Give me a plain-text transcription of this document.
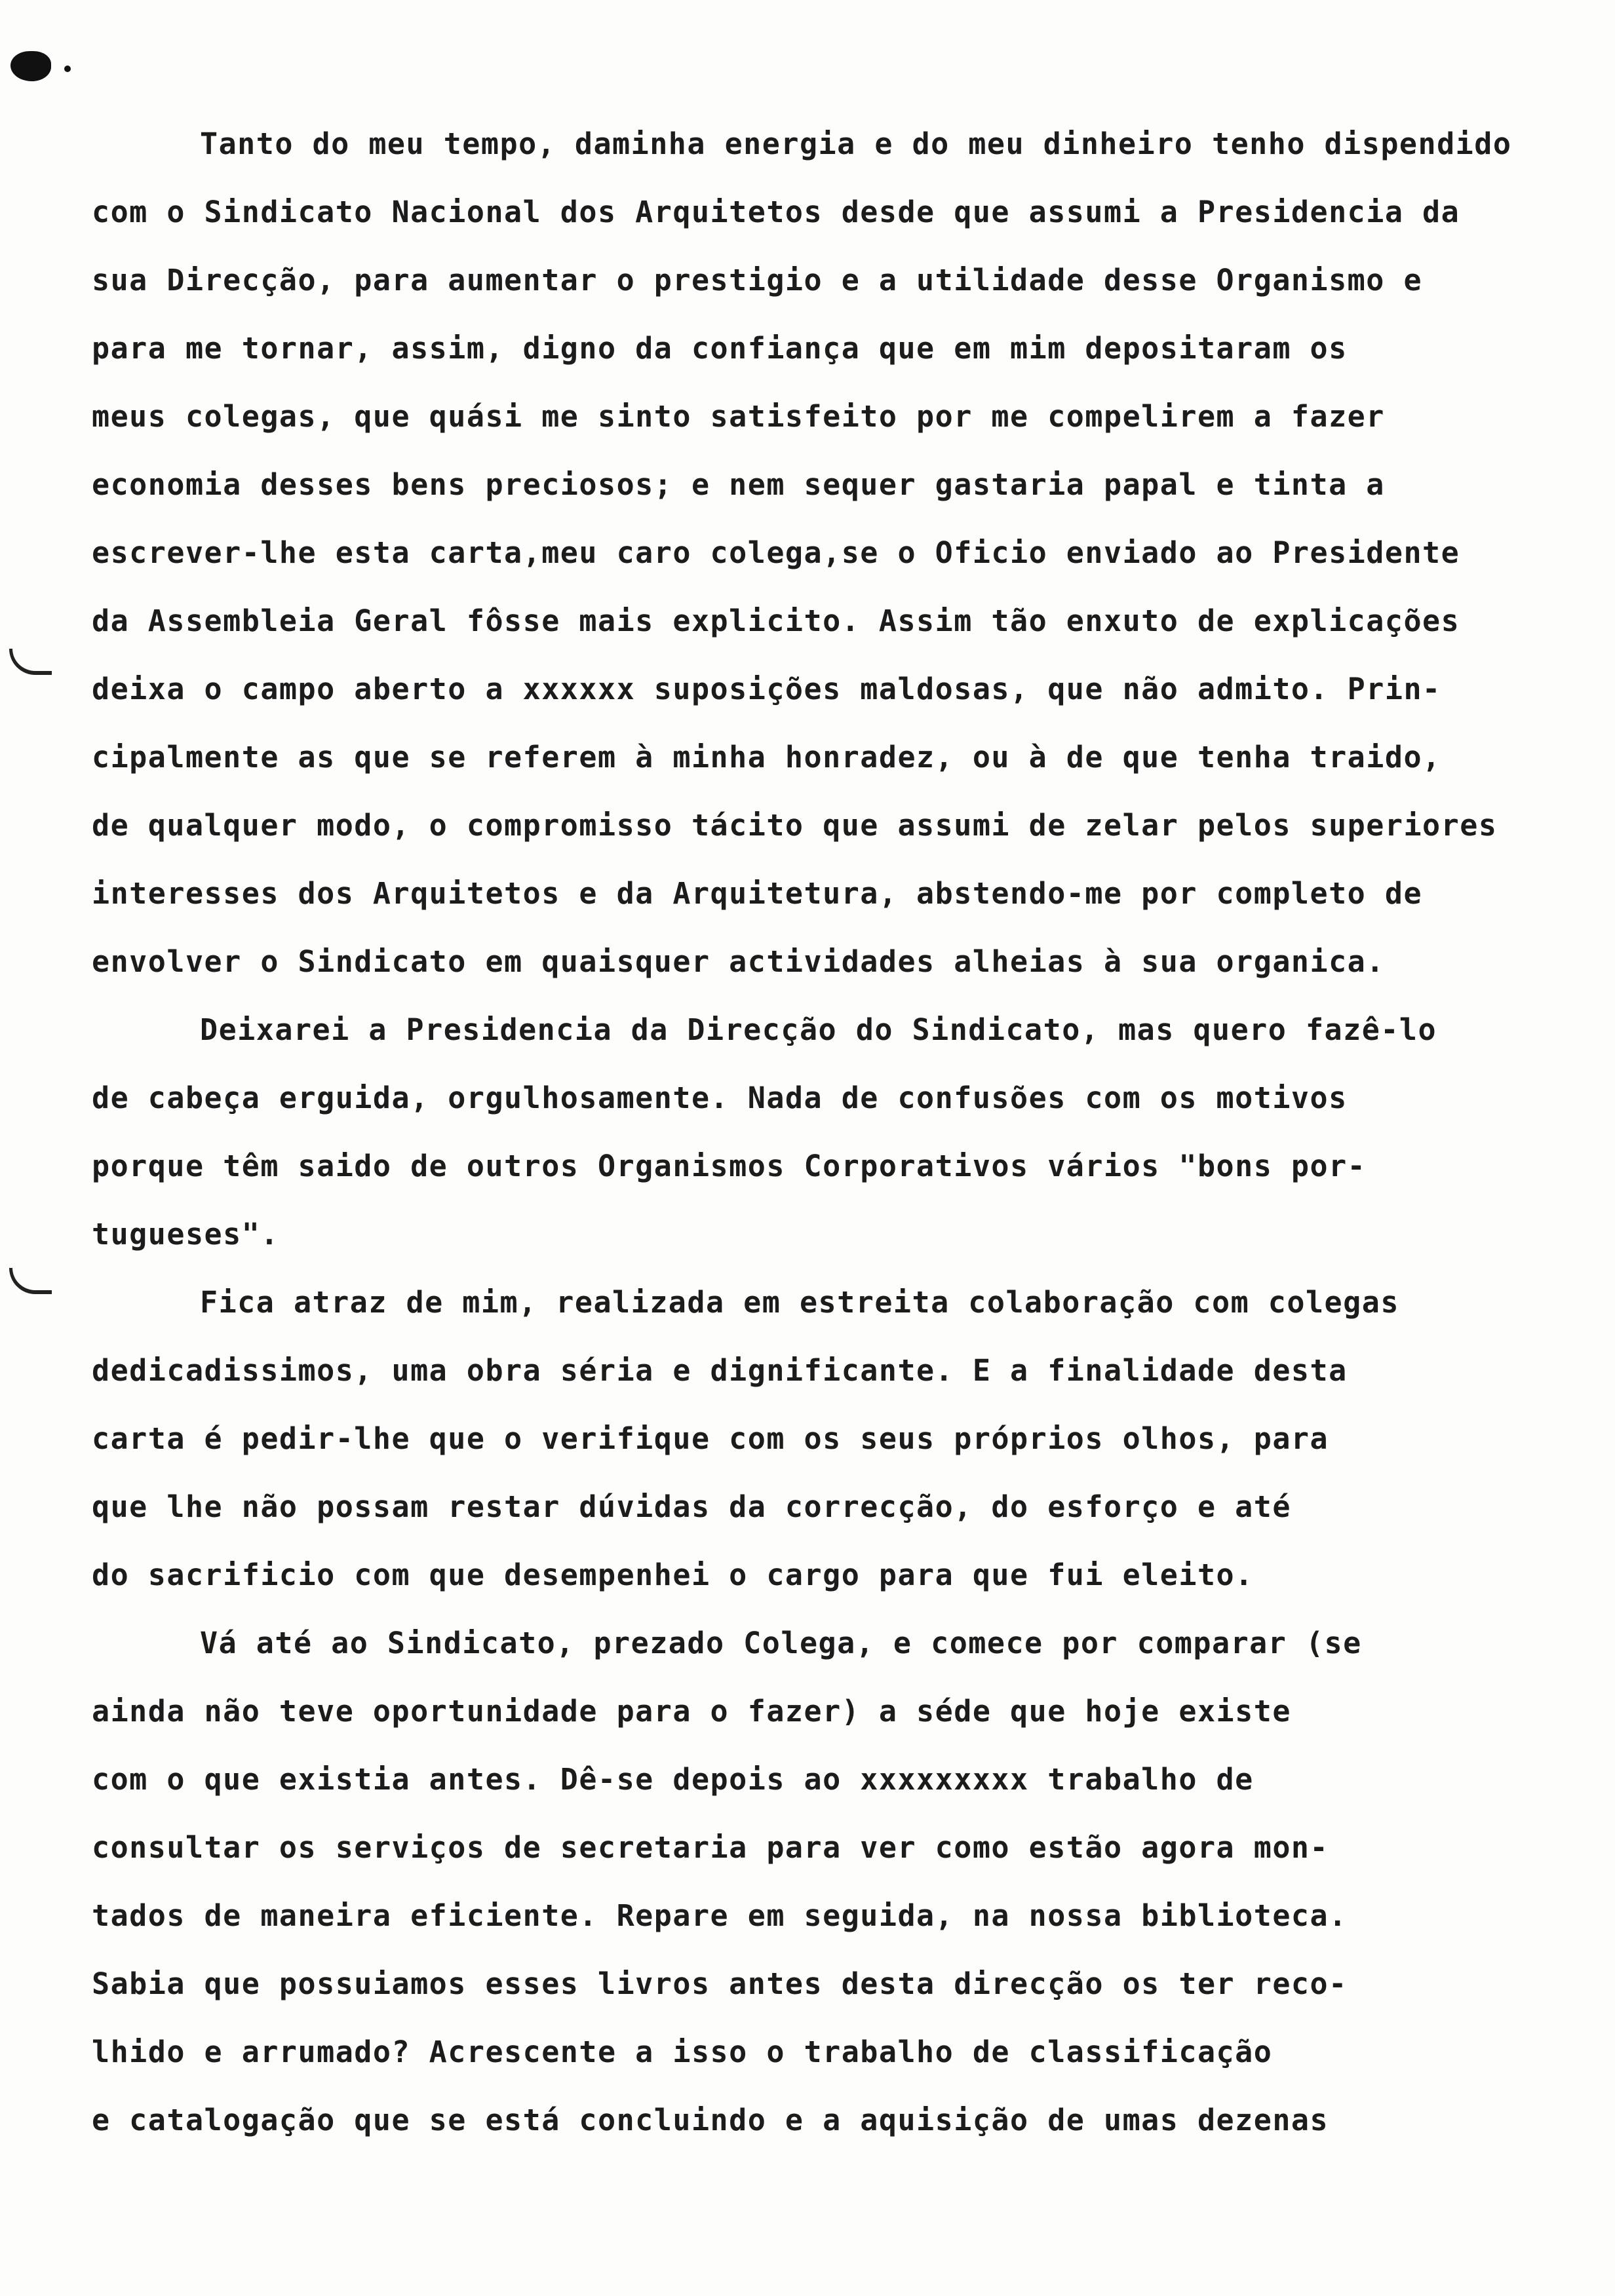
Tanto do meu tempo, daminha energia e do meu dinheiro tenho dispendido
com o Sindicato Nacional dos Arquitetos desde que assumi a Presidencia da
sua Direcção, para aumentar o prestigio e a utilidade desse Organismo e
para me tornar, assim, digno da confiança que em mim depositaram os
meus colegas, que quási me sinto satisfeito por me compelirem a fazer
economia desses bens preciosos; e nem sequer gastaria papal e tinta a
escrever-lhe esta carta,meu caro colega,se o Oficio enviado ao Presidente
da Assembleia Geral fôsse mais explicito. Assim tão enxuto de explicações
deixa o campo aberto a xxxxxx suposições maldosas, que não admito. Prin-
cipalmente as que se referem à minha honradez, ou à de que tenha traido,
de qualquer modo, o compromisso tácito que assumi de zelar pelos superiores
interesses dos Arquitetos e da Arquitetura, abstendo-me por completo de
envolver o Sindicato em quaisquer actividades alheias à sua organica.
Deixarei a Presidencia da Direcção do Sindicato, mas quero fazê-lo
de cabeça erguida, orgulhosamente. Nada de confusões com os motivos
porque têm saido de outros Organismos Corporativos vários "bons por-
tugueses".
Fica atraz de mim, realizada em estreita colaboração com colegas
dedicadissimos, uma obra séria e dignificante. E a finalidade desta
carta é pedir-lhe que o verifique com os seus próprios olhos, para
que lhe não possam restar dúvidas da correcção, do esforço e até
do sacrificio com que desempenhei o cargo para que fui eleito.
Vá até ao Sindicato, prezado Colega, e comece por comparar (se
ainda não teve oportunidade para o fazer) a séde que hoje existe
com o que existia antes. Dê-se depois ao xxxxxxxxx trabalho de
consultar os serviços de secretaria para ver como estão agora mon-
tados de maneira eficiente. Repare em seguida, na nossa biblioteca.
Sabia que possuiamos esses livros antes desta direcção os ter reco-
lhido e arrumado? Acrescente a isso o trabalho de classificação
e catalogação que se está concluindo e a aquisição de umas dezenas
